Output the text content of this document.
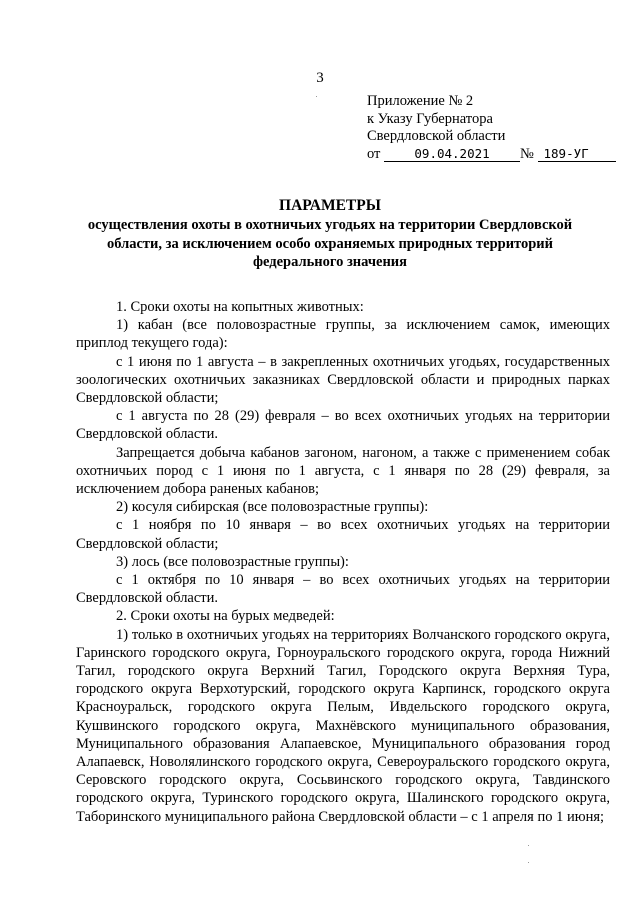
3
Приложение № 2
к Указу Губернатора
Свердловской области
от	09.04.2021 № 189-УГ
ПАРАМЕТРЫ
осуществления охоты в охотничьих угодьях на территории Свердловской области, за исключением особо охраняемых природных территорий федерального значения

1. Сроки охоты на копытных животных:

1) кабан (все половозрастные группы, за исключением самок, имеющих приплод текущего года):

с 1 июня по 1 августа – в закрепленных охотничьих угодьях, государственных зоологических охотничьих заказниках Свердловской области и природных парках Свердловской области;

с 1 августа по 28 (29) февраля – во всех охотничьих угодьях на территории Свердловской области.

Запрещается добыча кабанов загоном, нагоном, а также с применением собак охотничьих пород с 1 июня по 1 августа, с 1 января по 28 (29) февраля, за исключением добора раненых кабанов;

2) косуля сибирская (все половозрастные группы):

с 1 ноября по 10 января – во всех охотничьих угодьях на территории Свердловской области;

3) лось (все половозрастные группы):

с 1 октября по 10 января – во всех охотничьих угодьях на территории Свердловской области.

2. Сроки охоты на бурых медведей:

1) только в охотничьих угодьях на территориях Волчанского городского округа, Гаринского городского округа, Горноуральского городского округа, города Нижний Тагил, городского округа Верхний Тагил, Городского округа Верхняя Тура, городского округа Верхотурский, городского округа Карпинск, городского округа Красноуральск, городского округа Пелым, Ивдельского городского округа, Кушвинского городского округа, Махнёвского муниципального образования, Муниципального образования Алапаевское, Муниципального образования город Алапаевск, Новолялинского городского округа, Североуральского городского округа, Серовского городского округа, Сосьвинского городского округа, Тавдинского городского округа, Туринского городского округа, Шалинского городского округа, Таборинского муниципального района Свердловской области – с 1 апреля по 1 июня;
